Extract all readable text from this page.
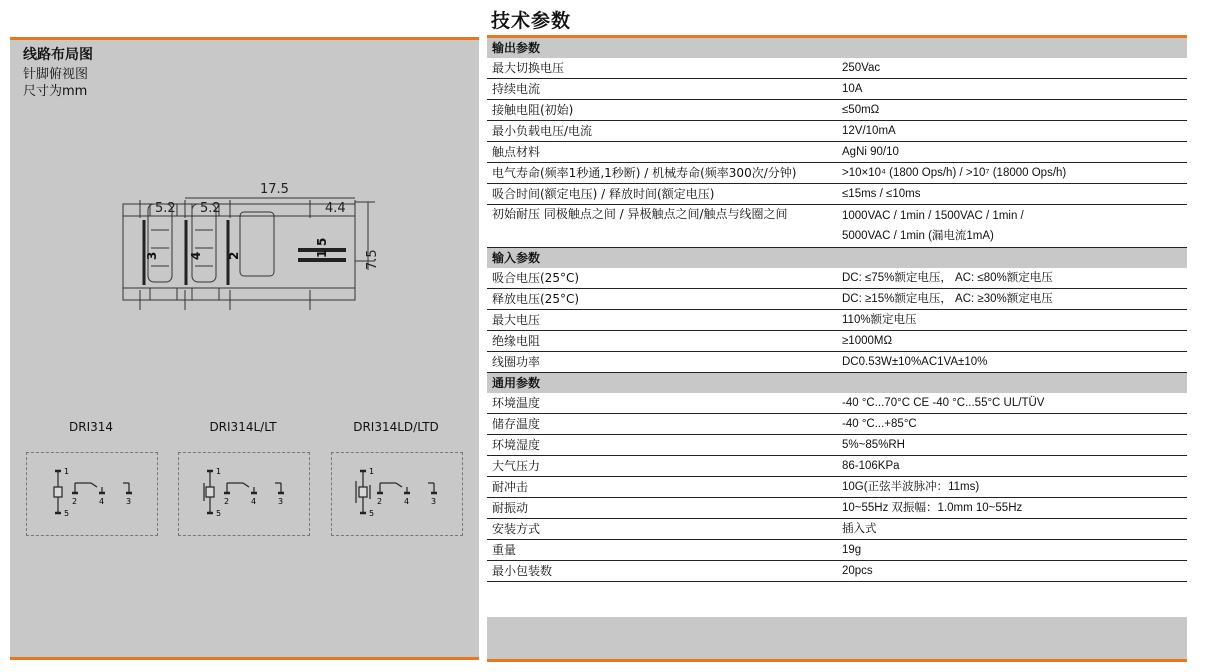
线路布局图
针脚俯视图
尺寸为mm
17.5
5.2 5.2	4.4
7.5
3	4 2
5
1
DRI314	DRI314L/LT	DRI314LD/LTD
1
2	4	3
5
1
2	4	3
5
1
2	4	3
5
技术参数
输出参数	
最大切换电压	250Vac
持续电流	10A
接触电阻(初始)	≤50mΩ
最小负载电压/电流	12V/10mA
触点材料	AgNi 90/10
电气寿命(频率1秒通,1秒断) / 机械寿命(频率300次/分钟)	>10×10⁴ (1800 Ops/h) / >10⁷ (18000 Ops/h)
吸合时间(额定电压) / 释放时间(额定电压)	≤15ms / ≤10ms
初始耐压 同极触点之间 / 异极触点之间/触点与线圈之间	1000VAC / 1min / 1500VAC / 1min /
5000VAC / 1min (漏电流1mA)

输入参数	
吸合电压(25°C)	DC: ≤75%额定电压， AC: ≤80%额定电压
释放电压(25°C)	DC: ≥15%额定电压， AC: ≥30%额定电压
最大电压	110%额定电压
绝缘电阻	≥1000MΩ
线圈功率	DC0.53W±10%AC1VA±10%
通用参数	
环境温度	-40 °C...70°C CE -40 °C...55°C UL/TÜV
储存温度	-40 °C...+85°C
环境湿度	5%~85%RH
大气压力	86-106KPa
耐冲击	10G(正弦半波脉冲：11ms)
耐振动	10~55Hz 双振幅：1.0mm 10~55Hz
安装方式	插入式
重量	19g
最小包装数	20pcs
